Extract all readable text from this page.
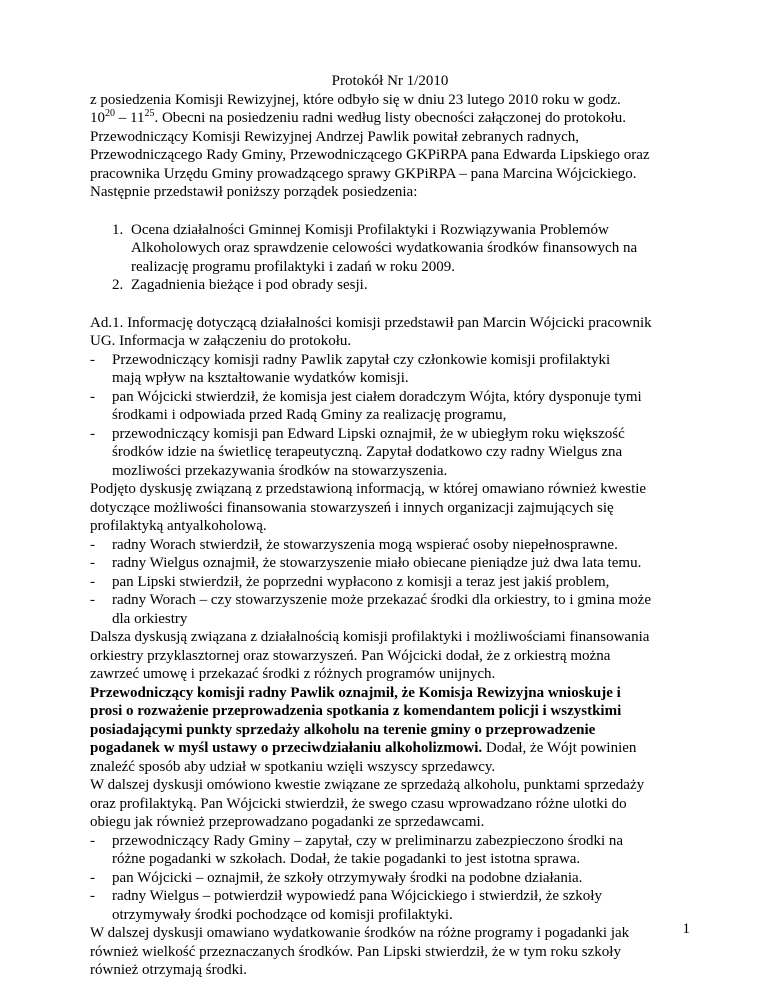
Protokół Nr 1/2010
z posiedzenia Komisji Rewizyjnej, które odbyło się w dniu 23 lutego 2010 roku w godz.
$10^{20} - 11^{25}$. Obecni na posiedzeniu radni według listy obecności załączonej do protokołu.
Przewodniczący Komisji Rewizyjnej Andrzej Pawlik powitał zebranych radnych,
Przewodniczącego Rady Gminy, Przewodniczącego GKPiRPA pana Edwarda Lipskiego oraz
pracownika Urzędu Gminy prowadzącego sprawy GKPiRPA – pana Marcina Wójcickiego.
Następnie przedstawił poniższy porządek posiedzenia:
1. Ocena działalności Gminnej Komisji Profilaktyki i Rozwiązywania Problemów
Alkoholowych oraz sprawdzenie celowości wydatkowania środków finansowych na
realizację programu profilaktyki i zadań w roku 2009.
2. Zagadnienia bieżące i pod obrady sesji.
Ad.1. Informację dotyczącą działalności komisji przedstawił pan Marcin Wójcicki pracownik
UG. Informacja w załączeniu do protokołu.
- Przewodniczący komisji radny Pawlik zapytał czy członkowie komisji profilaktyki
mają wpływ na kształtowanie wydatków komisji.
- pan Wójcicki stwierdził, że komisja jest ciałem doradczym Wójta, który dysponuje tymi
środkami i odpowiada przed Radą Gminy za realizację programu,
- przewodniczący komisji pan Edward Lipski oznajmił, że w ubiegłym roku większość
środków idzie na świetlicę terapeutyczną. Zapytał dodatkowo czy radny Wielgus zna
mozliwości przekazywania środków na stowarzyszenia.
Podjęto dyskusję związaną z przedstawioną informacją, w której omawiano również kwestie
dotyczące możliwości finansowania stowarzyszeń i innych organizacji zajmujących się
profilaktyką antyalkoholową.
- radny Worach stwierdził, że stowarzyszenia mogą wspierać osoby niepełnosprawne.
- radny Wielgus oznajmił, że stowarzyszenie miało obiecane pieniądze już dwa lata temu.
- pan Lipski stwierdził, że poprzedni wypłacono z komisji a teraz jest jakiś problem,
- radny Worach – czy stowarzyszenie może przekazać środki dla orkiestry, to i gmina może
dla orkiestry
Dalsza dyskusją związana z działalnością komisji profilaktyki i możliwościami finansowania
orkiestry przyklasztornej oraz stowarzyszeń. Pan Wójcicki dodał, że z orkiestrą można
zawrzeć umowę i przekazać środki z różnych programów unijnych.
Przewodniczący komisji radny Pawlik oznajmił, że Komisja Rewizyjna wnioskuje i
prosi o rozważenie przeprowadzenia spotkania z komendantem policji i wszystkimi
posiadającymi punkty sprzedaży alkoholu na terenie gminy o przeprowadzenie
pogadanek w myśl ustawy o przeciwdziałaniu alkoholizmowi. Dodał, że Wójt powinien
znaleźć sposób aby udział w spotkaniu wzięli wszyscy sprzedawcy.
W dalszej dyskusji omówiono kwestie związane ze sprzedażą alkoholu, punktami sprzedaży
oraz profilaktyką. Pan Wójcicki stwierdził, że swego czasu wprowadzano różne ulotki do
obiegu jak również przeprowadzano pogadanki ze sprzedawcami.
- przewodniczący Rady Gminy – zapytał, czy w preliminarzu zabezpieczono środki na
różne pogadanki w szkołach. Dodał, że takie pogadanki to jest istotna sprawa.
- pan Wójcicki – oznajmił, że szkoły otrzymywały środki na podobne działania.
- radny Wielgus – potwierdził wypowiedź pana Wójcickiego i stwierdził, że szkoły
otrzymywały środki pochodzące od komisji profilaktyki.
W dalszej dyskusji omawiano wydatkowanie środków na różne programy i pogadanki jak
również wielkość przeznaczanych środków. Pan Lipski stwierdził, że w tym roku szkoły
również otrzymają środki.
1
